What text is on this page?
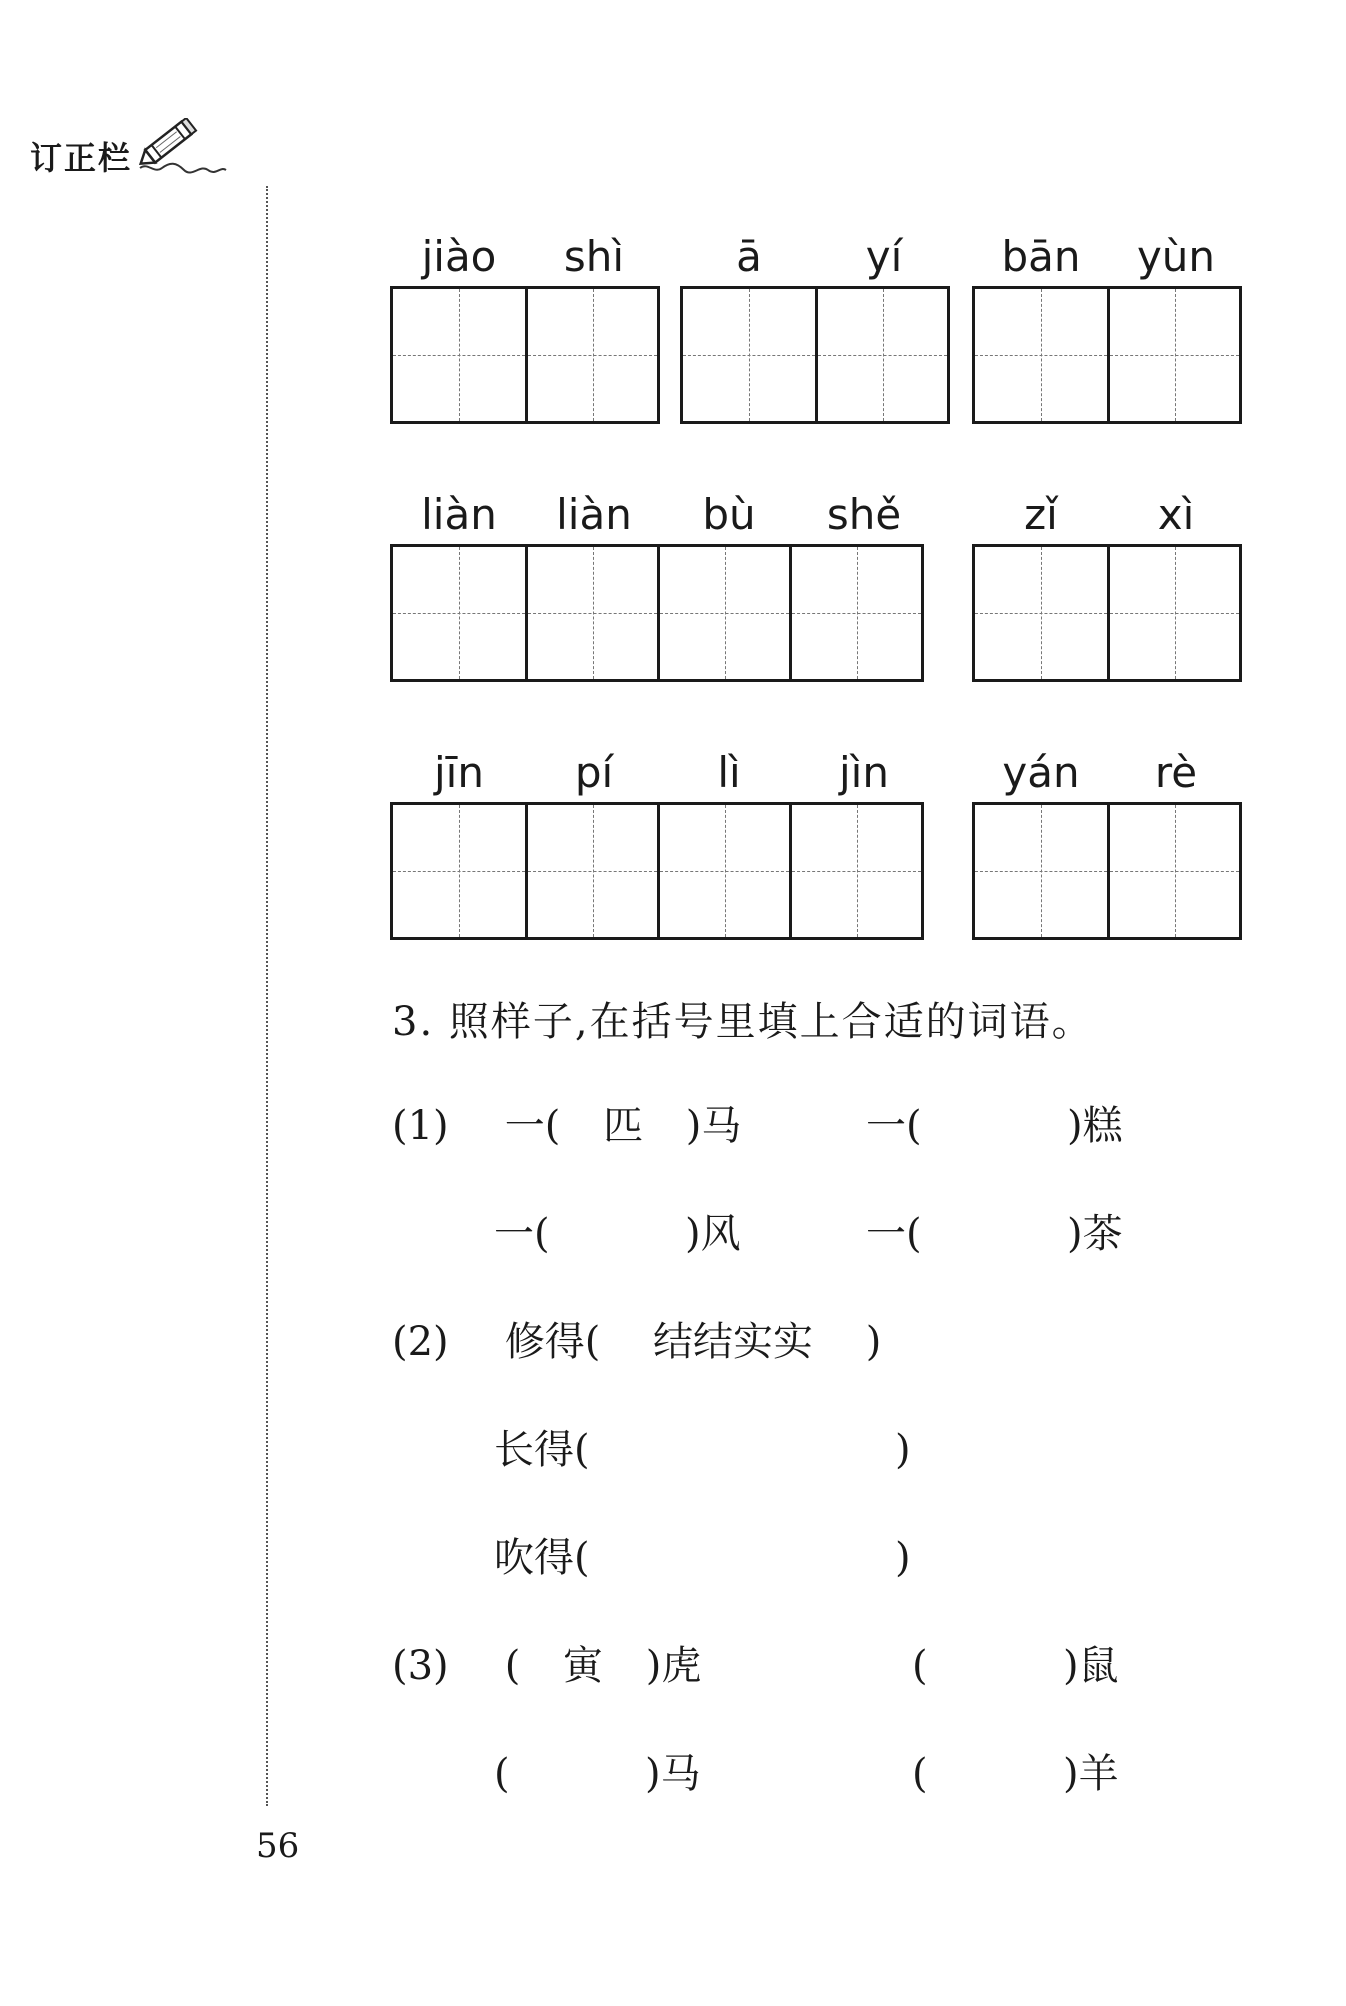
订正栏
jiào	shì	ā	yí	bān	yùn
liàn	liàn	bù	shě	zǐ	xì
jīn	pí	lì	jìn	yán	rè
3. 照样子,在括号里填上合适的词语。
(1) 一( 匹 )马	一(	)糕
一(	)风	一(	)茶
(2) 修得( 结结实实 )
长得(	)
吹得(	)
(3) ( 寅 )虎	(	)鼠
(	)马	(	)羊
56
